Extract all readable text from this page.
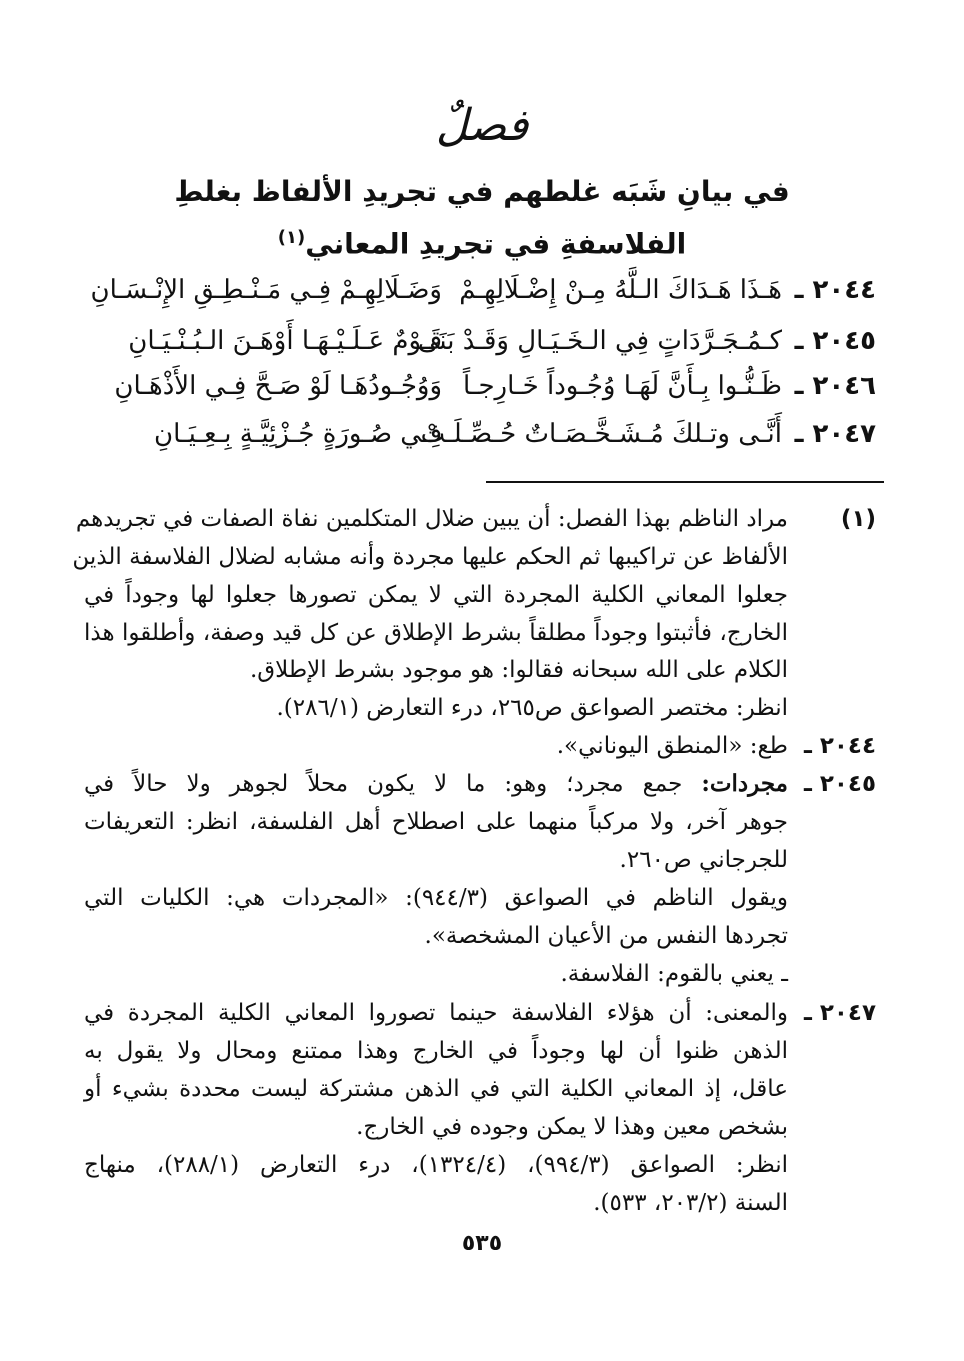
فصلٌ
في بيانِ شَبَه غلطهم في تجريدِ الألفاظ بغلطِ
الفلاسفةِ في تجريدِ المعاني$^{(١)}$
٢٠٤٤ ـ
هَـذَا هَـدَاكَ الـلَّهُ مِـنْ إِضْـلَالِهِـمْ
وَضَـلَالِهِـمْ فِـي مَـنْـطِـقِ الإِنْـسَـانِ
٢٠٤٥ ـ
كـمُـجَـرَّدَاتٍ فِي الـخَـيَـالِ وَقَـدْ بَنَى
قَـوْمٌ عَـلَـيْـهَـا أَوْهَـنَ الـبُـنْـيَـانِ
٢٠٤٦ ـ
ظَـنُّـوا بِـأَنَّ لَهَـا وُجُـوداً خَـارِجـاً
وَوُجُـودُهَـا لَوْ صَـحَّ فِـي الأَذْهَـانِ
٢٠٤٧ ـ
أَنَّـى وتـلكَ مُـشَـخَّـصَـاتٌ حُـصِّـلَـتْ
فِـي صُـورَةٍ جُـزْئِيَّـةٍ بِـعِـيَـانِ
(١)
مراد الناظم بهذا الفصل: أن يبين ضلال المتكلمين نفاة الصفات في تجريدهم
الألفاظ عن تراكيبها ثم الحكم عليها مجردة وأنه مشابه لضلال الفلاسفة الذين
جعلوا المعاني الكلية المجردة التي لا يمكن تصورها جعلوا لها وجوداً في
الخارج، فأثبتوا وجوداً مطلقاً بشرط الإطلاق عن كل قيد وصفة، وأطلقوا هذا
الكلام على الله سبحانه فقالوا: هو موجود بشرط الإطلاق.
انظر: مختصر الصواعق ص٢٦٥، درء التعارض (٢٨٦/١).
٢٠٤٤ ـ
طع: «المنطق اليوناني».
٢٠٤٥ ـ
مجردات: جمع مجرد؛ وهو: ما لا يكون محلاً لجوهر ولا حالاً في
جوهر آخر، ولا مركباً منهما على اصطلاح أهل الفلسفة، انظر: التعريفات
للجرجاني ص٢٦٠.
ويقول الناظم في الصواعق (٩٤٤/٣): «المجردات هي: الكليات التي
تجردها النفس من الأعيان المشخصة».
ـ يعني بالقوم: الفلاسفة.
٢٠٤٧ ـ
والمعنى: أن هؤلاء الفلاسفة حينما تصوروا المعاني الكلية المجردة في
الذهن ظنوا أن لها وجوداً في الخارج وهذا ممتنع ومحال ولا يقول به
عاقل، إذ المعاني الكلية التي في الذهن مشتركة ليست محددة بشيء أو
بشخص معين وهذا لا يمكن وجوده في الخارج.
انظر: الصواعق (٩٩٤/٣)، (١٣٢٤/٤)، درء التعارض (٢٨٨/١)، منهاج
السنة (٢٠٣/٢، ٥٣٣).
٥٣٥
